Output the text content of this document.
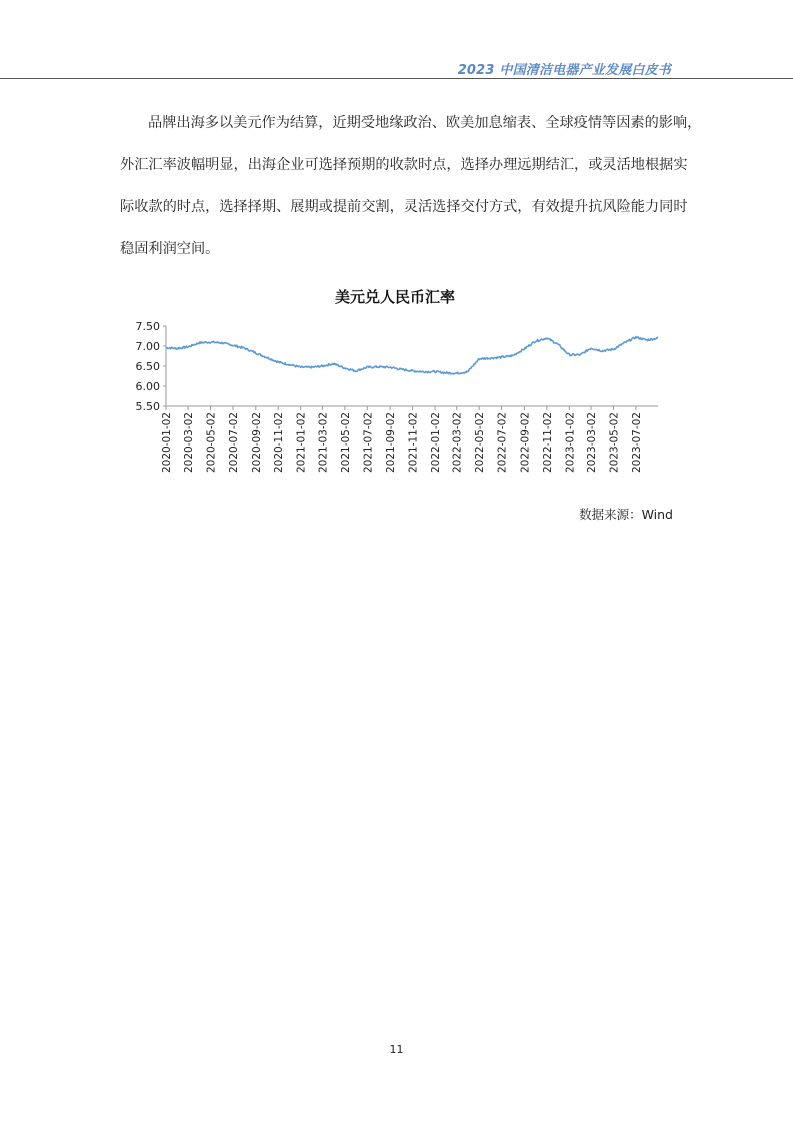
2023 中国清洁电器产业发展白皮书
品牌出海多以美元作为结算，近期受地缘政治、欧美加息缩表、全球疫情等因素的影响，
外汇汇率波幅明显，出海企业可选择预期的收款时点，选择办理远期结汇，或灵活地根据实
际收款的时点，选择择期、展期或提前交割，灵活选择交付方式，有效提升抗风险能力同时
稳固利润空间。
美元兑人民币汇率
5.50
6.00
6.50
7.00
7.50
2020-01-02 2020-03-02 2020-05-02 2020-07-02 2020-09-02 2020-11-02 2021-01-02 2021-03-02 2021-05-02 2021-07-02 2021-09-02 2021-11-02 2022-01-02 2022-03-02 2022-05-02 2022-07-02 2022-09-02 2022-11-02 2023-01-02 2023-03-02 2023-05-02 2023-07-02
数据来源：Wind
11
